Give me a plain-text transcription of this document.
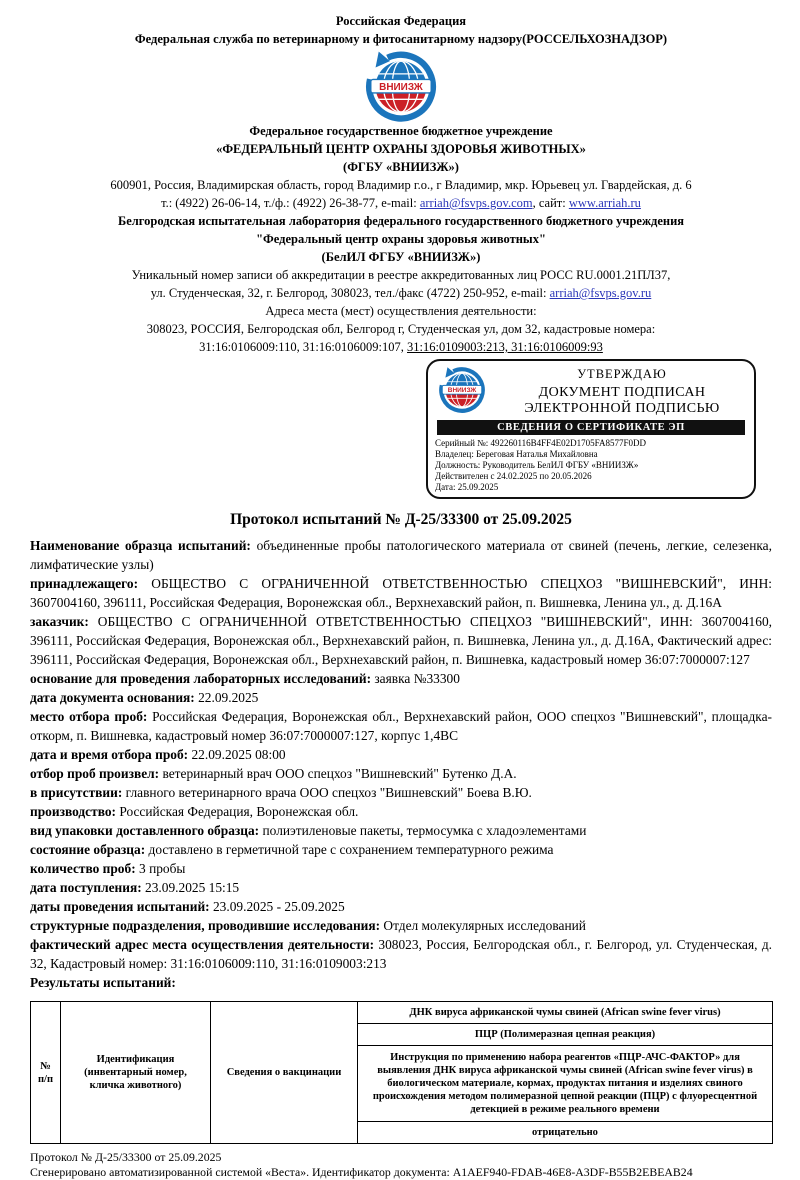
Российская Федерация
Федеральная служба по ветеринарному и фитосанитарному надзору(РОССЕЛЬХОЗНАДЗОР)
ВНИИЗЖ
Федеральное государственное бюджетное учреждение
«ФЕДЕРАЛЬНЫЙ ЦЕНТР ОХРАНЫ ЗДОРОВЬЯ ЖИВОТНЫХ»
(ФГБУ «ВНИИЗЖ»)
600901, Россия, Владимирская область, город Владимир г.о., г Владимир, мкр. Юрьевец ул. Гвардейская, д. 6
т.: (4922) 26-06-14, т./ф.: (4922) 26-38-77, e-mail: arriah@fsvps.gov.com, сайт: www.arriah.ru
Белгородская испытательная лаборатория федерального государственного бюджетного учреждения
"Федеральный центр охраны здоровья животных"
(БелИЛ ФГБУ «ВНИИЗЖ»)
Уникальный номер записи об аккредитации в реестре аккредитованных лиц РОСС RU.0001.21ПЛ37,
ул. Студенческая, 32, г. Белгород, 308023, тел./факс (4722) 250-952, e-mail: arriah@fsvps.gov.ru
Адреса места (мест) осуществления деятельности:
308023, РОССИЯ, Белгородская обл, Белгород г, Студенческая ул, дом 32, кадастровые номера:
31:16:0106009:110, 31:16:0106009:107, 31:16:0109003:213, 31:16:0106009:93
ВНИИЗЖ
УТВЕРЖДАЮ
ДОКУМЕНТ ПОДПИСАН
ЭЛЕКТРОННОЙ ПОДПИСЬЮ
СВЕДЕНИЯ О СЕРТИФИКАТЕ ЭП
Серийный №: 492260116B4FF4E02D1705FA8577F0DD
Владелец: Береговая Наталья Михайловна
Должность: Руководитель БелИЛ ФГБУ «ВНИИЗЖ»
Действителен с 24.02.2025 по 20.05.2026
Дата: 25.09.2025
Протокол испытаний № Д-25/33300 от 25.09.2025
Наименование образца испытаний: объединенные пробы патологического материала от свиней (печень, легкие, селезенка, лимфатические узлы)
принадлежащего: ОБЩЕСТВО С ОГРАНИЧЕННОЙ ОТВЕТСТВЕННОСТЬЮ СПЕЦХОЗ "ВИШНЕВСКИЙ", ИНН: 3607004160, 396111, Российская Федерация, Воронежская обл., Верхнехавский район, п. Вишневка, Ленина ул., д. Д.16А
заказчик: ОБЩЕСТВО С ОГРАНИЧЕННОЙ ОТВЕТСТВЕННОСТЬЮ СПЕЦХОЗ "ВИШНЕВСКИЙ", ИНН: 3607004160, 396111, Российская Федерация, Воронежская обл., Верхнехавский район, п. Вишневка, Ленина ул., д. Д.16А, Фактический адрес: 396111, Российская Федерация, Воронежская обл., Верхнехавский район, п. Вишневка, кадастровый номер 36:07:7000007:127
основание для проведения лабораторных исследований: заявка №33300
дата документа основания: 22.09.2025
место отбора проб: Российская Федерация, Воронежская обл., Верхнехавский район, ООО спецхоз "Вишневский", площадка-откорм, п. Вишневка, кадастровый номер 36:07:7000007:127, корпус 1,4ВС
дата и время отбора проб: 22.09.2025 08:00
отбор проб произвел: ветеринарный врач ООО спецхоз "Вишневский" Бутенко Д.А.
в присутствии: главного ветеринарного врача ООО спецхоз "Вишневский" Боева В.Ю.
производство: Российская Федерация, Воронежская обл.
вид упаковки доставленного образца: полиэтиленовые пакеты, термосумка с хладоэлементами
состояние образца: доставлено в герметичной таре с сохранением температурного режима
количество проб: 3 пробы
дата поступления: 23.09.2025 15:15
даты проведения испытаний: 23.09.2025 - 25.09.2025
структурные подразделения, проводившие исследования: Отдел молекулярных исследований
фактический адрес места осуществления деятельности: 308023, Россия, Белгородская обл., г. Белгород, ул. Студенческая, д. 32, Кадастровый номер: 31:16:0106009:110, 31:16:0109003:213
Результаты испытаний:
№ п/п	Идентификация (инвентарный номер, кличка животного)	Сведения о вакцинации	ДНК вируса африканской чумы свиней (African swine fever virus)
ПЦР (Полимеразная цепная реакция)
Инструкция по применению набора реагентов «ПЦР-АЧС-ФАКТОР» для выявления ДНК вируса африканской чумы свиней (African swine fever virus) в биологическом материале, кормах, продуктах питания и изделиях свиного происхождения методом полимеразной цепной реакции (ПЦР) с флуоресцентной детекцией в режиме реального времени
отрицательно
Протокол № Д-25/33300 от 25.09.2025
Сгенерировано автоматизированной системой «Веста». Идентификатор документа: A1AEF940-FDAB-46E8-A3DF-B55B2EBEAB24
